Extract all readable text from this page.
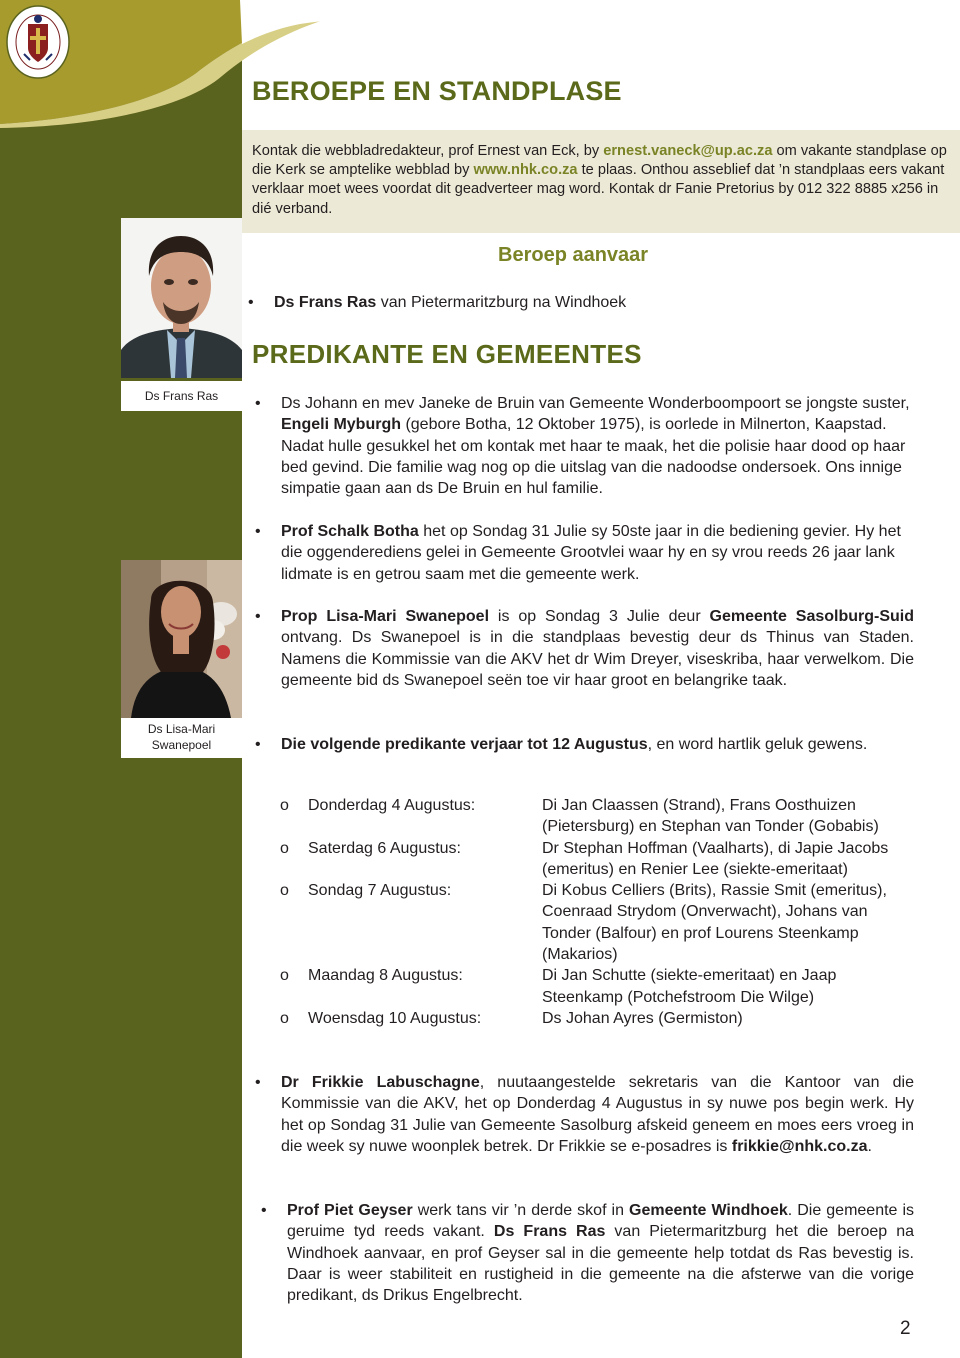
BEROEPE EN STANDPLASE
Kontak die webbladredakteur, prof Ernest van Eck, by ernest.vaneck@up.ac.za om vakante standplase op die Kerk se amptelike webblad by www.nhk.co.za te plaas. Onthou asseblief dat ’n standplaas eers vakant verklaar moet wees voordat dit geadverteer mag word. Kontak dr Fanie Pretorius by 012 322 8885 x256 in dié verband.
Ds Frans Ras
Ds Lisa-Mari
Swanepoel
Beroep aanvaar
• Ds Frans Ras van Pietermaritzburg na Windhoek
PREDIKANTE EN GEMEENTES
• Ds Johann en mev Janeke de Bruin van Gemeente Wonderboompoort se jongste suster, Engeli Myburgh (gebore Botha, 12 Oktober 1975), is oorlede in Milnerton, Kaapstad. Nadat hulle gesukkel het om kontak met haar te maak, het die polisie haar dood op haar bed gevind. Die familie wag nog op die uitslag van die nadoodse ondersoek. Ons innige simpatie gaan aan ds De Bruin en hul familie.
• Prof Schalk Botha het op Sondag 31 Julie sy 50ste jaar in die bediening gevier. Hy het die oggenderediens gelei in Gemeente Grootvlei waar hy en sy vrou reeds 26 jaar lank lidmate is en getrou saam met die gemeente werk.
• Prop Lisa-Mari Swanepoel is op Sondag 3 Julie deur Gemeente Sasolburg-Suid ontvang. Ds Swanepoel is in die standplaas bevestig deur ds Thinus van Staden. Namens die Kommissie van die AKV het dr Wim Dreyer, viseskriba, haar verwelkom. Die gemeente bid ds Swanepoel seën toe vir haar groot en belangrike taak.
• Die volgende predikante verjaar tot 12 Augustus, en word hartlik geluk gewens.
o	Donderdag 4 Augustus:	Di Jan Claassen (Strand), Frans Oosthuizen (Pietersburg) en Stephan van Tonder (Gobabis)
o	Saterdag 6 Augustus:	Dr Stephan Hoffman (Vaalharts), di Japie Jacobs (emeritus) en Renier Lee (siekte-emeritaat)
o	Sondag 7 Augustus:	Di Kobus Celliers (Brits), Rassie Smit (emeritus), Coenraad Strydom (Onverwacht), Johans van Tonder (Balfour) en prof Lourens Steenkamp (Makarios)
o	Maandag 8 Augustus:	Di Jan Schutte (siekte-emeritaat) en Jaap Steenkamp (Potchefstroom Die Wilge)
o	Woensdag 10 Augustus:	Ds Johan Ayres (Germiston)
• Dr Frikkie Labuschagne, nuutaangestelde sekretaris van die Kantoor van die Kommissie van die AKV, het op Donderdag 4 Augustus in sy nuwe pos begin werk. Hy het op Sondag 31 Julie van Gemeente Sasolburg afskeid geneem en moes eers vroeg in die week sy nuwe woonplek betrek. Dr Frikkie se e-posadres is frikkie@nhk.co.za.
• Prof Piet Geyser werk tans vir ’n derde skof in Gemeente Windhoek. Die gemeente is geruime tyd reeds vakant. Ds Frans Ras van Pietermaritzburg het die beroep na Windhoek aanvaar, en prof Geyser sal in die gemeente help totdat ds Ras bevestig is. Daar is weer stabiliteit en rustigheid in die gemeente na die afsterwe van die vorige predikant, ds Drikus Engelbrecht.
2
